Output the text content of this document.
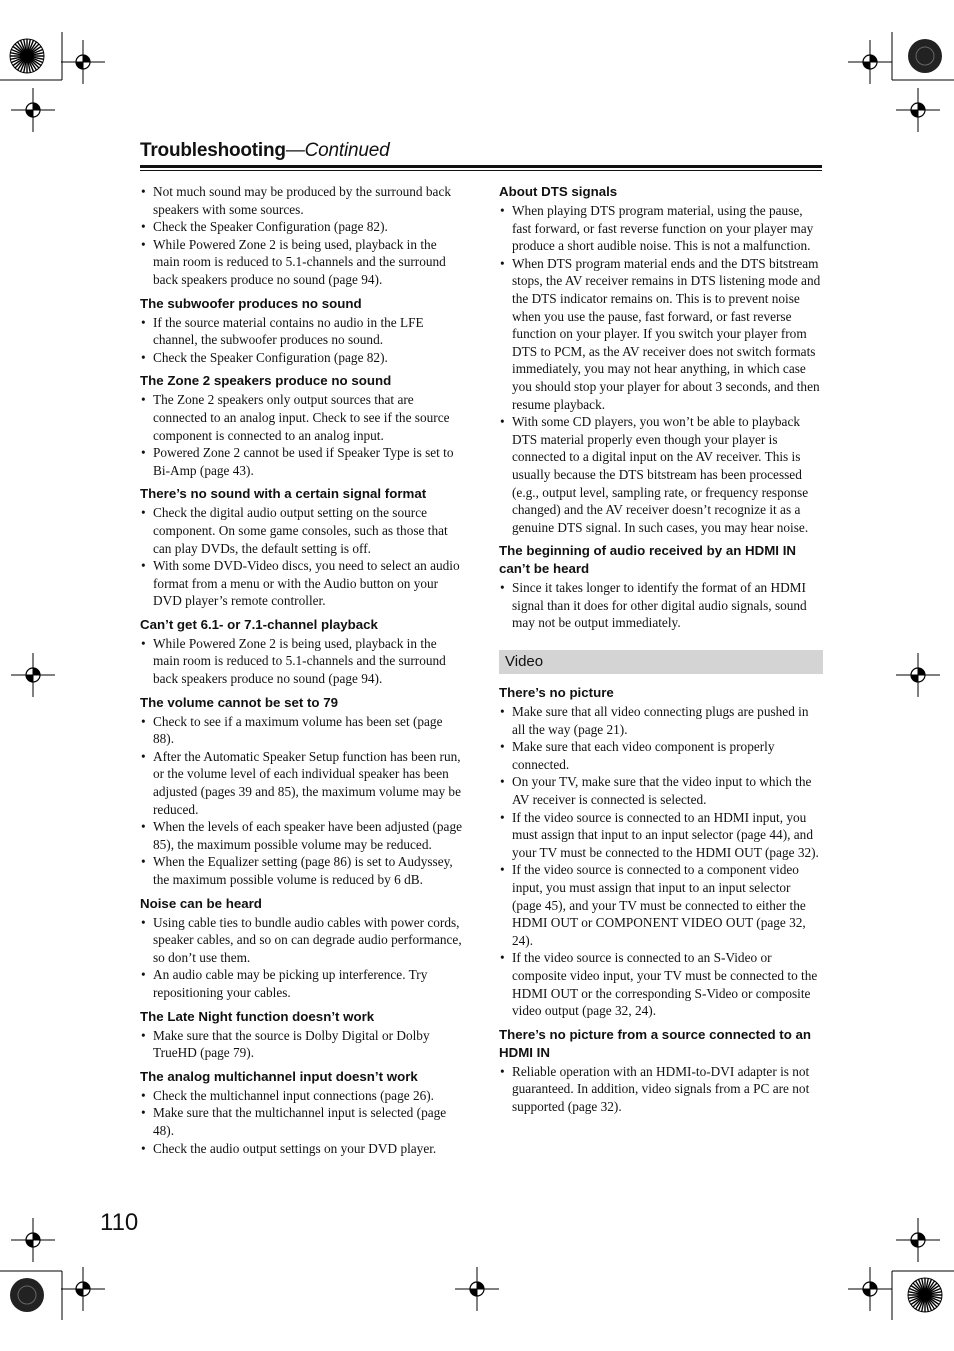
Troubleshooting—Continued
• Not much sound may be produced by the surround back speakers with some sources.
• Check the Speaker Configuration (page 82).
• While Powered Zone 2 is being used, playback in the main room is reduced to 5.1-channels and the surround back speakers produce no sound (page 94).
The subwoofer produces no sound
• If the source material contains no audio in the LFE channel, the subwoofer produces no sound.
• Check the Speaker Configuration (page 82).
The Zone 2 speakers produce no sound
• The Zone 2 speakers only output sources that are connected to an analog input. Check to see if the source component is connected to an analog input.
• Powered Zone 2 cannot be used if Speaker Type is set to Bi-Amp (page 43).
There’s no sound with a certain signal format
• Check the digital audio output setting on the source component. On some game consoles, such as those that can play DVDs, the default setting is off.
• With some DVD-Video discs, you need to select an audio format from a menu or with the Audio button on your DVD player’s remote controller.
Can’t get 6.1- or 7.1-channel playback
• While Powered Zone 2 is being used, playback in the main room is reduced to 5.1-channels and the surround back speakers produce no sound (page 94).
The volume cannot be set to 79
• Check to see if a maximum volume has been set (page 88).
• After the Automatic Speaker Setup function has been run, or the volume level of each individual speaker has been adjusted (pages 39 and 85), the maximum volume may be reduced.
• When the levels of each speaker have been adjusted (page 85), the maximum possible volume may be reduced.
• When the Equalizer setting (page 86) is set to Audyssey, the maximum possible volume is reduced by 6 dB.
Noise can be heard
• Using cable ties to bundle audio cables with power cords, speaker cables, and so on can degrade audio performance, so don’t use them.
• An audio cable may be picking up interference. Try repositioning your cables.
The Late Night function doesn’t work
• Make sure that the source is Dolby Digital or Dolby TrueHD (page 79).
The analog multichannel input doesn’t work
• Check the multichannel input connections (page 26).
• Make sure that the multichannel input is selected (page 48).
• Check the audio output settings on your DVD player.
About DTS signals
• When playing DTS program material, using the pause, fast forward, or fast reverse function on your player may produce a short audible noise. This is not a malfunction.
• When DTS program material ends and the DTS bitstream stops, the AV receiver remains in DTS listening mode and the DTS indicator remains on. This is to prevent noise when you use the pause, fast forward, or fast reverse function on your player. If you switch your player from DTS to PCM, as the AV receiver does not switch formats immediately, you may not hear anything, in which case you should stop your player for about 3 seconds, and then resume playback.
• With some CD players, you won’t be able to playback DTS material properly even though your player is connected to a digital input on the AV receiver. This is usually because the DTS bitstream has been processed (e.g., output level, sampling rate, or frequency response changed) and the AV receiver doesn’t recognize it as a genuine DTS signal. In such cases, you may hear noise.
The beginning of audio received by an HDMI IN can’t be heard
• Since it takes longer to identify the format of an HDMI signal than it does for other digital audio signals, sound may not be output immediately.
Video
There’s no picture
• Make sure that all video connecting plugs are pushed in all the way (page 21).
• Make sure that each video component is properly connected.
• On your TV, make sure that the video input to which the AV receiver is connected is selected.
• If the video source is connected to an HDMI input, you must assign that input to an input selector (page 44), and your TV must be connected to the HDMI OUT (page 32).
• If the video source is connected to a component video input, you must assign that input to an input selector (page 45), and your TV must be connected to either the HDMI OUT or COMPONENT VIDEO OUT (page 32, 24).
• If the video source is connected to an S-Video or composite video input, your TV must be connected to the HDMI OUT or the corresponding S-Video or composite video output (page 32, 24).
There’s no picture from a source connected to an HDMI IN
• Reliable operation with an HDMI-to-DVI adapter is not guaranteed. In addition, video signals from a PC are not supported (page 32).
110
